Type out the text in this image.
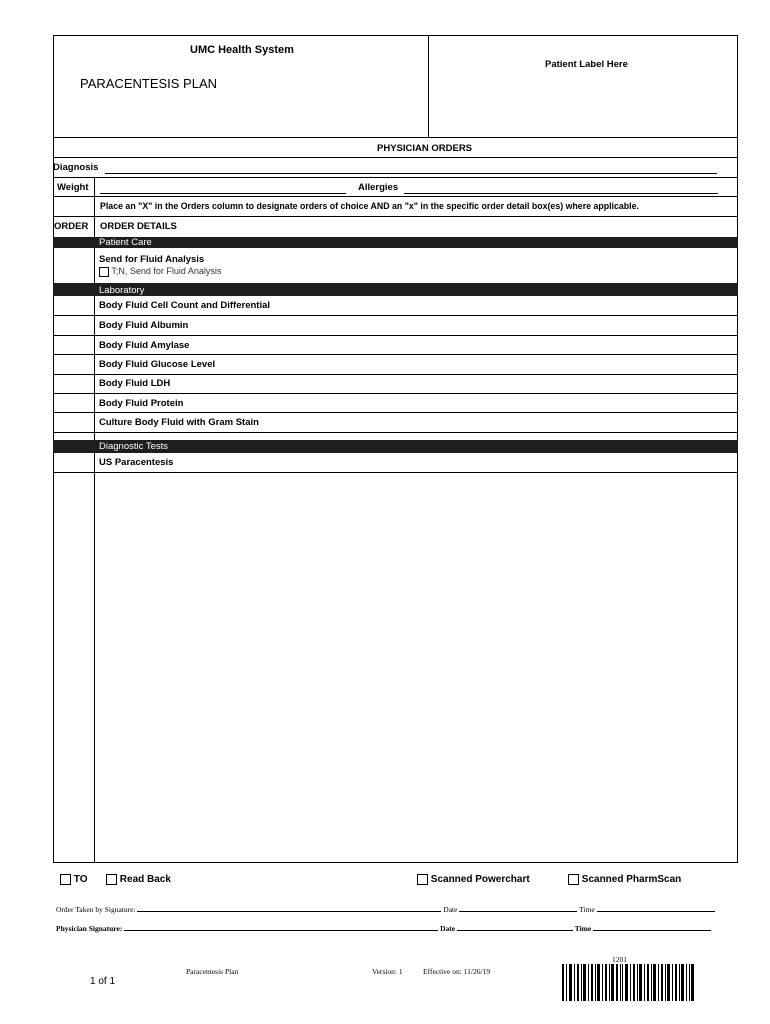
UMC Health System
PARACENTESIS PLAN
Patient Label Here
PHYSICIAN ORDERS
Diagnosis
Weight	Allergies
Place an "X" in the Orders column to designate orders of choice AND an "x" in the specific order detail box(es) where applicable.
ORDER ORDER DETAILS
Patient Care
Send for Fluid Analysis
T;N, Send for Fluid Analysis
Laboratory
Body Fluid Cell Count and Differential
Body Fluid Albumin
Body Fluid Amylase
Body Fluid Glucose Level
Body Fluid LDH
Body Fluid Protein
Culture Body Fluid with Gram Stain
Diagnostic Tests
US Paracentesis
TO	Read Back	Scanned Powerchart	Scanned PharmScan
Order Taken by Signature:	Date	Time
Physician Signature:	Date	Time
1 of 1
Paracentesis Plan	Version: 1	Effective on: 11/26/19
1201
